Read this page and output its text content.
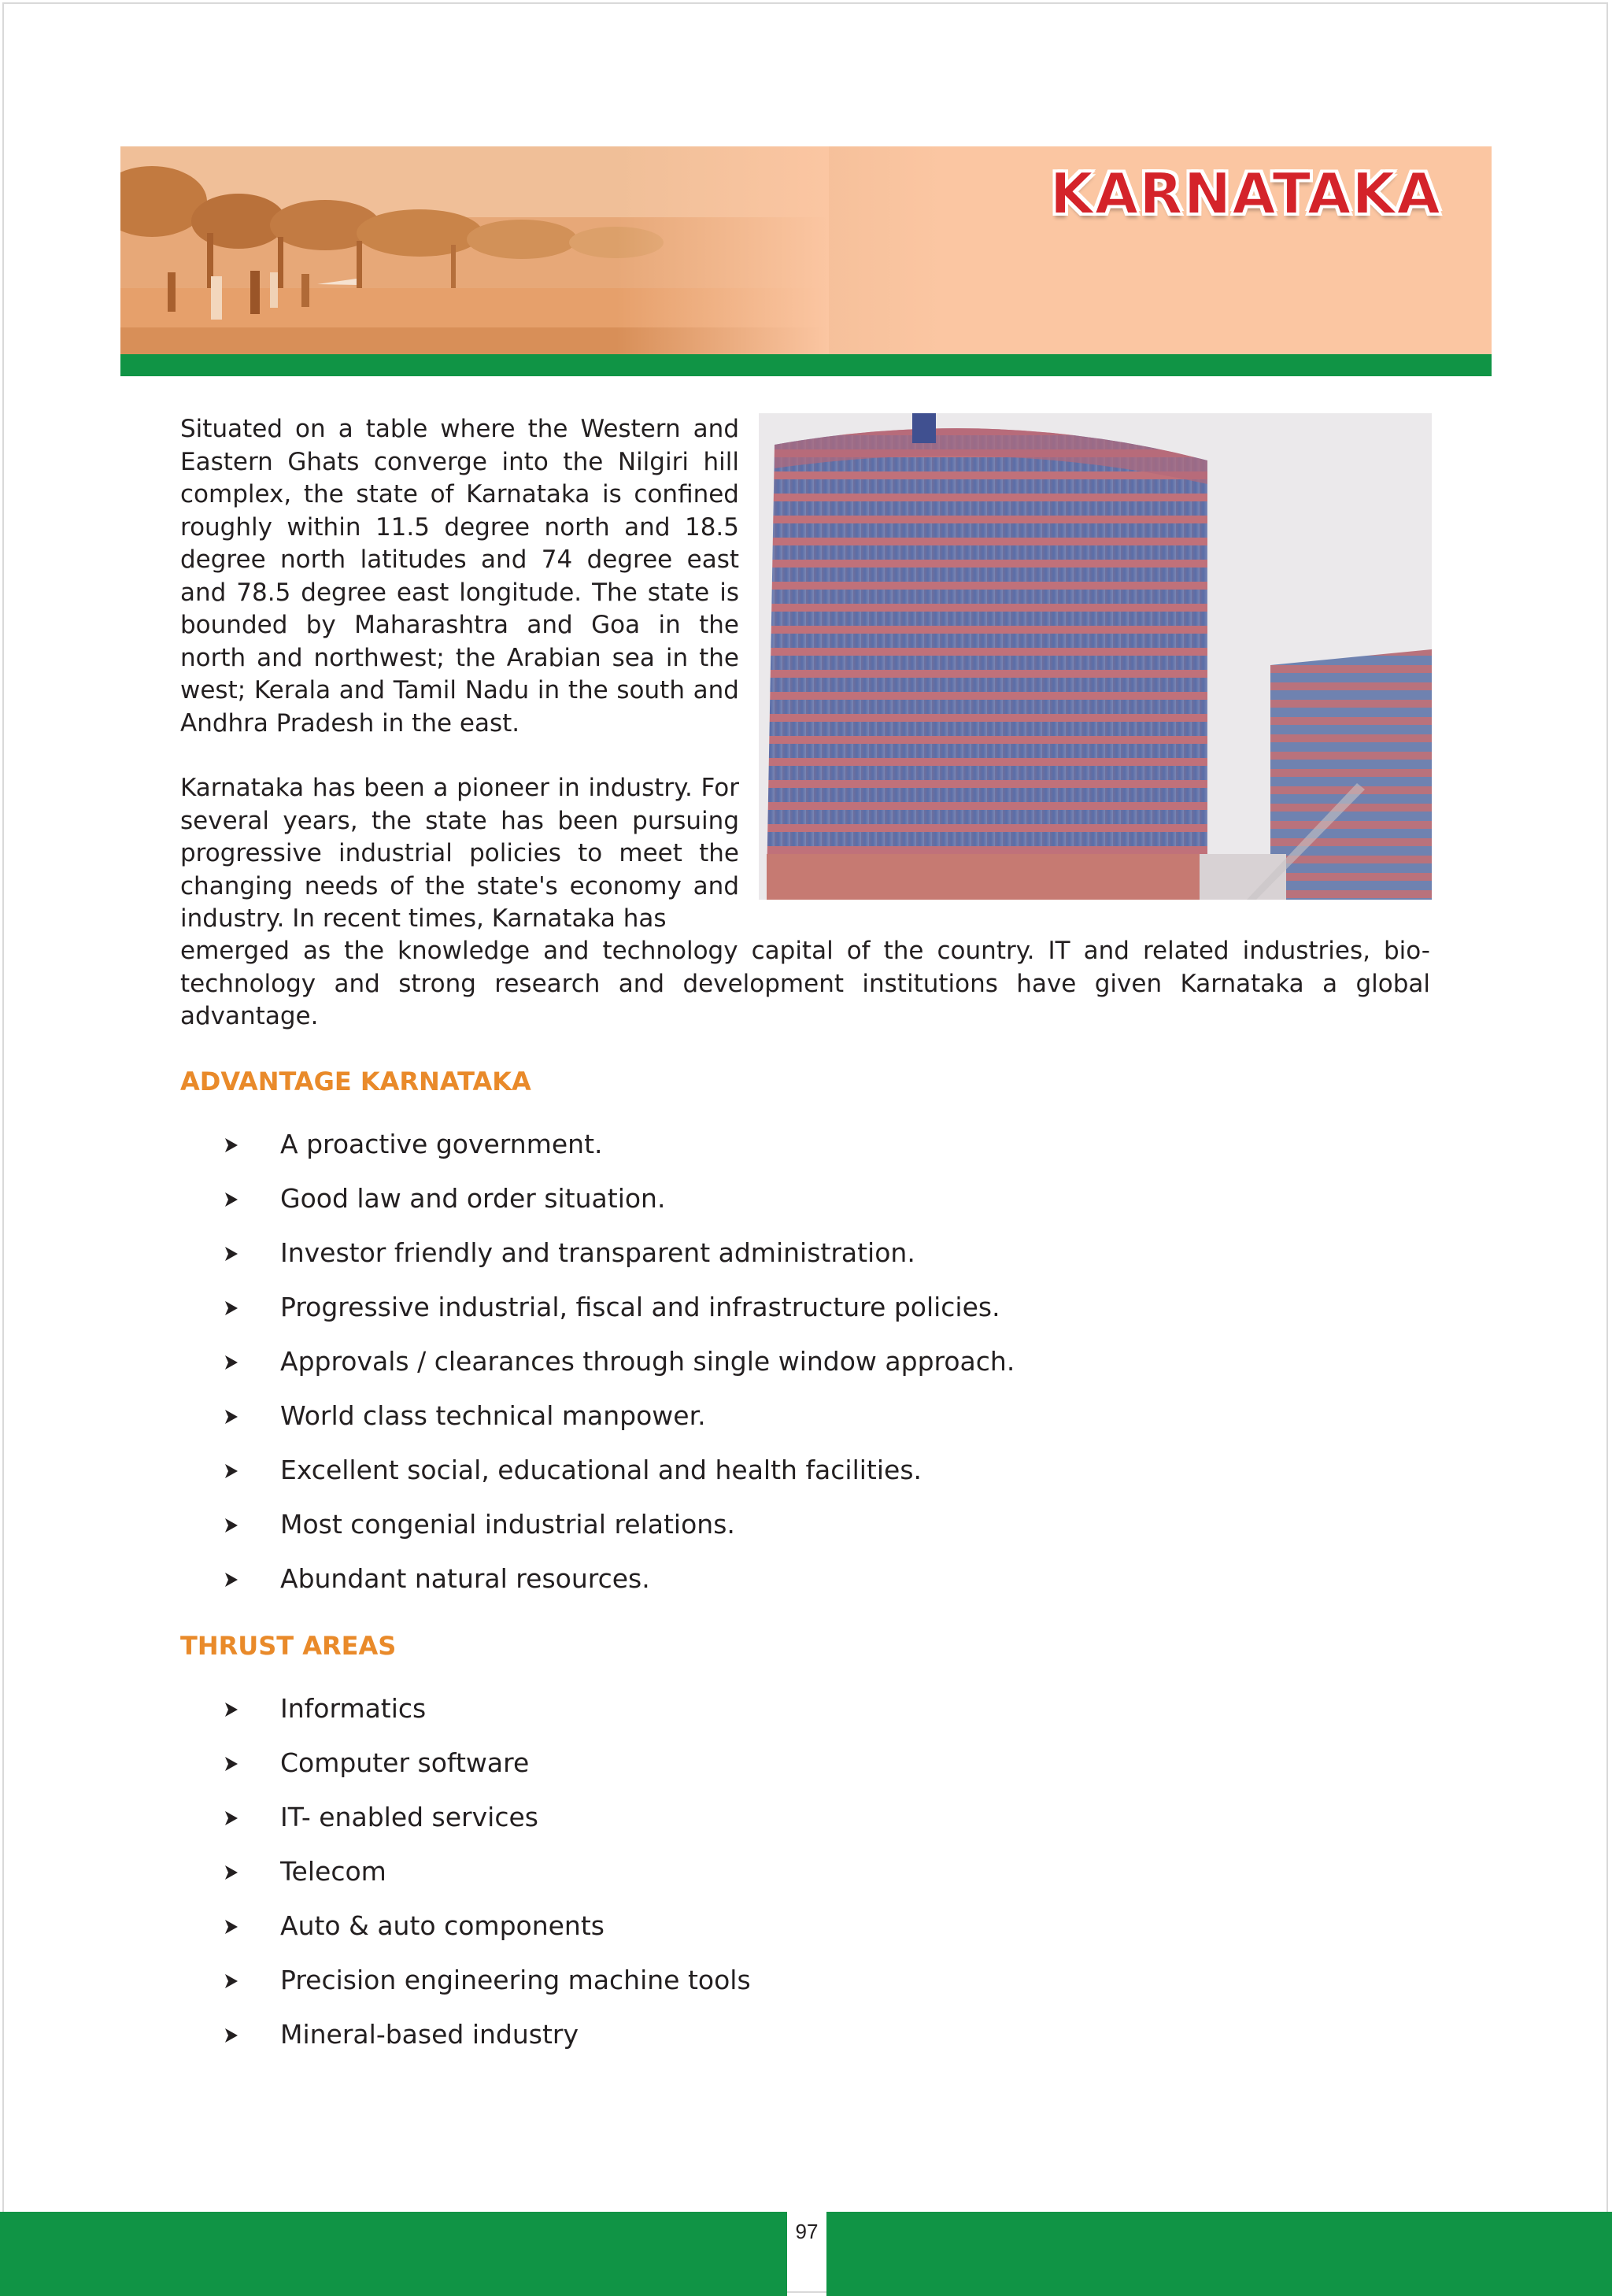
KARNATAKA

Situated on a table where the Western and Eastern Ghats converge into the Nilgiri hill complex, the state of Karnataka is confined roughly within 11.5 degree north and 18.5 degree north latitudes and 74 degree east and 78.5 degree east longitude. The state is bounded by Maharashtra and Goa in the north and northwest; the Arabian sea in the west; Kerala and Tamil Nadu in the south and Andhra Pradesh in the east.

Karnataka has been a pioneer in industry. For several years, the state has been pursuing progressive industrial policies to meet the changing needs of the state's economy and industry. In recent times, Karnataka has

emerged as the knowledge and technology capital of the country. IT and related industries, bio-technology and strong research and development institutions have given Karnataka a global advantage.

ADVANTAGE KARNATAKA
A proactive government.
Good law and order situation.
Investor friendly and transparent administration.
Progressive industrial, fiscal and infrastructure policies.
Approvals / clearances through single window approach.
World class technical manpower.
Excellent social, educational and health facilities.
Most congenial industrial relations.
Abundant natural resources.
THRUST AREAS
Informatics
Computer software
IT- enabled services
Telecom
Auto & auto components
Precision engineering machine tools
Mineral-based industry
97
